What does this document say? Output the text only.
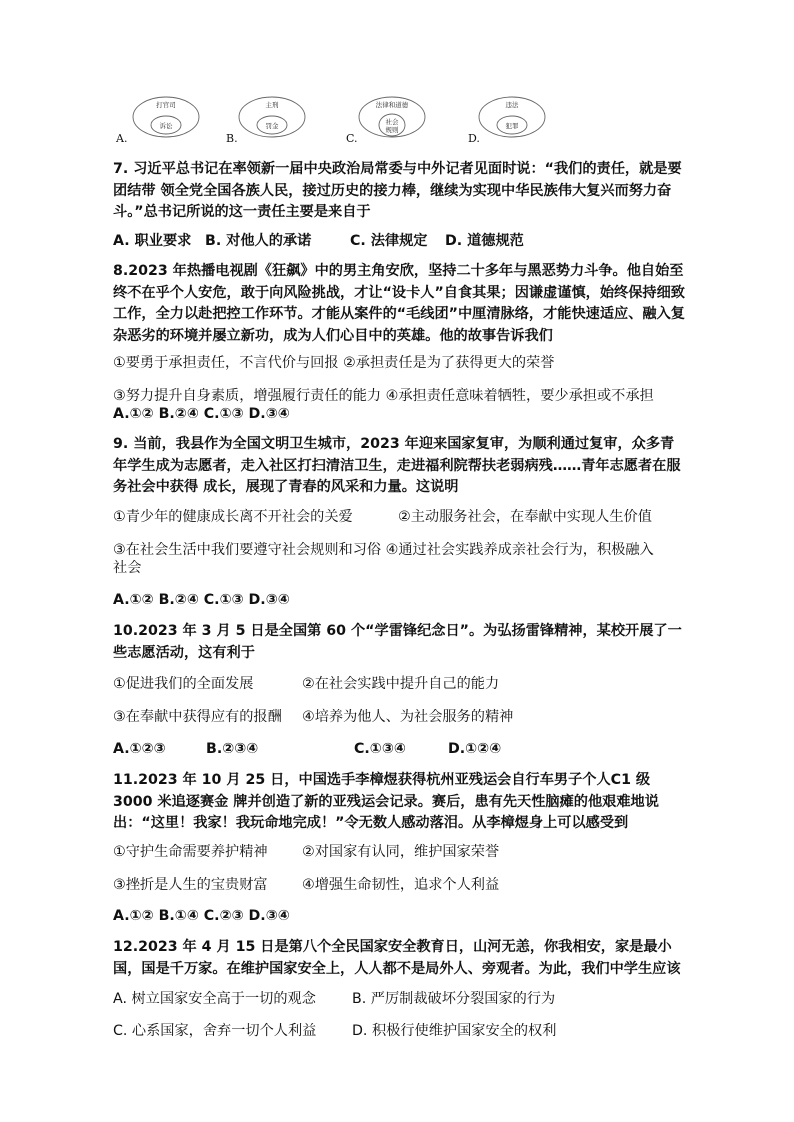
A.
打官司
诉讼
B.
主刑
罚金
C.
法律和道德
社会
规则
D.
违法
犯罪
7. 习近平总书记在率领新一届中央政治局常委与中外记者见面时说：“我们的责任，就是要团结带 领全党全国各族人民，接过历史的接力棒，继续为实现中华民族伟大复兴而努力奋斗。”总书记所说的这一责任主要是来自于
A. 职业要求 B. 对他人的承诺	C. 法律规定 D. 道德规范
8.2023 年热播电视剧《狂飙》中的男主角安欣，坚持二十多年与黑恶势力斗争。他自始至终不在乎个人安危，敢于向风险挑战，才让“设卡人”自食其果；因谦虚谨慎，始终保持细致工作，全力以赴把控工作环节。才能从案件的“毛线团”中厘清脉络，才能快速适应、融入复杂恶劣的环境并屡立新功，成为人们心目中的英雄。他的故事告诉我们
①要勇于承担责任，不言代价与回报 ②承担责任是为了获得更大的荣誉
③努力提升自身素质，增强履行责任的能力 ④承担责任意味着牺牲，要少承担或不承担
A.①② B.②④ C.①③ D.③④
9. 当前，我县作为全国文明卫生城市，2023 年迎来国家复审，为顺利通过复审，众多青年学生成为志愿者，走入社区打扫清洁卫生，走进福利院帮扶老弱病残……青年志愿者在服务社会中获得 成长，展现了青春的风采和力量。这说明
①青少年的健康成长离不开社会的关爱	②主动服务社会，在奉献中实现人生价值
③在社会生活中我们要遵守社会规则和习俗 ④通过社会实践养成亲社会行为，积极融入
社会
A.①② B.②④ C.①③ D.③④
10.2023 年 3 月 5 日是全国第 60 个“学雷锋纪念日”。为弘扬雷锋精神，某校开展了一些志愿活动，这有利于
①促进我们的全面发展	②在社会实践中提升自己的能力
③在奉献中获得应有的报酬 ④培养为他人、为社会服务的精神
A.①②③	B.②③④	C.①③④	D.①②④
11.2023 年 10 月 25 日，中国选手李樟煜获得杭州亚残运会自行车男子个人C1 级 3000 米追逐赛金 牌并创造了新的亚残运会记录。赛后，患有先天性脑瘫的他艰难地说出：“这里！我家！我玩命地完成！”令无数人感动落泪。从李樟煜身上可以感受到
①守护生命需要养护精神 ②对国家有认同，维护国家荣誉
③挫折是人生的宝贵财富 ④增强生命韧性，追求个人利益
A.①② B.①④ C.②③ D.③④
12.2023 年 4 月 15 日是第八个全民国家安全教育日，山河无恙，你我相安，家是最小国，国是千万家。在维护国家安全上，人人都不是局外人、旁观者。为此，我们中学生应该
A. 树立国家安全高于一切的观念	B. 严厉制裁破坏分裂国家的行为
C. 心系国家，舍弃一切个人利益	D. 积极行使维护国家安全的权利
